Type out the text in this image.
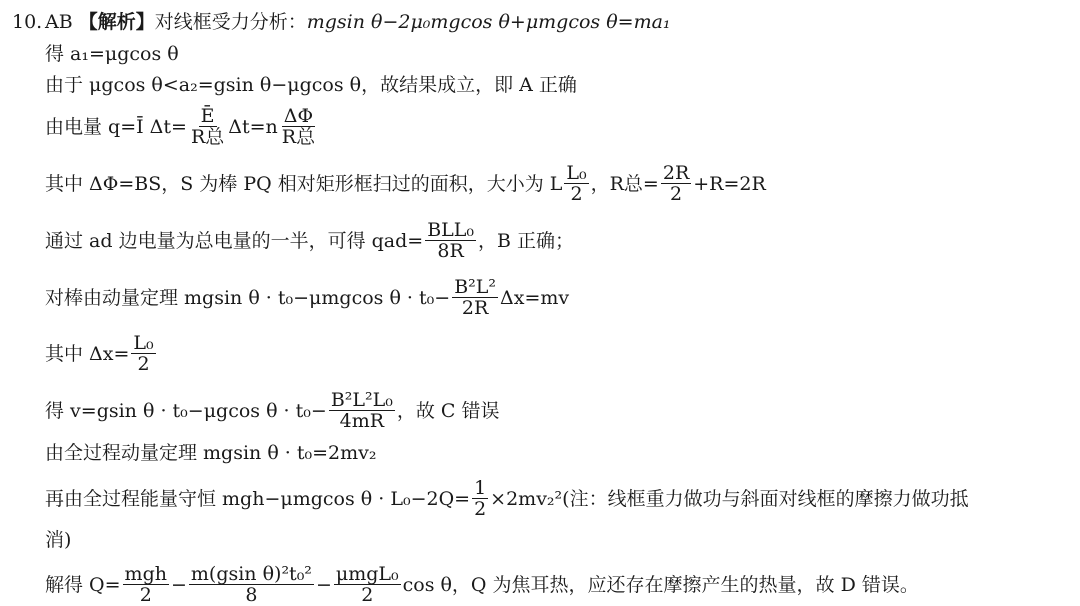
10. AB 【解析】 对线框受力分析： mgsin θ−2μ₀mgcos θ+μmgcos θ=ma₁
得 a₁=μgcos θ
由于 μgcos θ<a₂=gsin θ−μgcos θ，故结果成立，即 A 正确
由电量 q=Ī $\Delta t= \frac{Ē}{\text{R总}} \Delta t=n \frac{\Delta\Phi}{\text{R总}}$
其中 ΔΦ=BS，S 为棒 PQ 相对矩形框扫过的面积，大小为 L $\frac{\text{L₀}}{2}$ ，R总= $\frac{2R}{2} +R=2R$
通过 ad 边电量为总电量的一半，可得 $qad= \frac{\text{BLL₀}}{8R}$ ，B 正确；
对棒由动量定理 mgsin θ · t₀−μmgcos $\theta \cdot t_0- \frac{\text{B²L²}}{2R} \Delta x=mv$
其中 $\Delta x= \frac{\text{L₀}}{2}$
得 v=gsin θ · t₀−μgcos $\theta \cdot t_0- \frac{\text{B²L²L₀}}{4mR}$ ，故 C 错误
由全过程动量定理 mgsin θ · t₀=2mv₂
再由全过程能量守恒 mgh−μmgcos $\theta \cdot L_0-2Q= \frac{1}{2} \times 2mv_2^2$(注：线框重力做功与斜面对线框的摩擦力做功抵
消)
解得 $Q= \frac{\text{mgh}}{2} - \frac{\text{m(gsin θ)²t₀²}}{8} - \frac{\text{μmgL₀}}{2}$ cos θ，Q 为焦耳热，应还存在摩擦产生的热量，故 D 错误。
